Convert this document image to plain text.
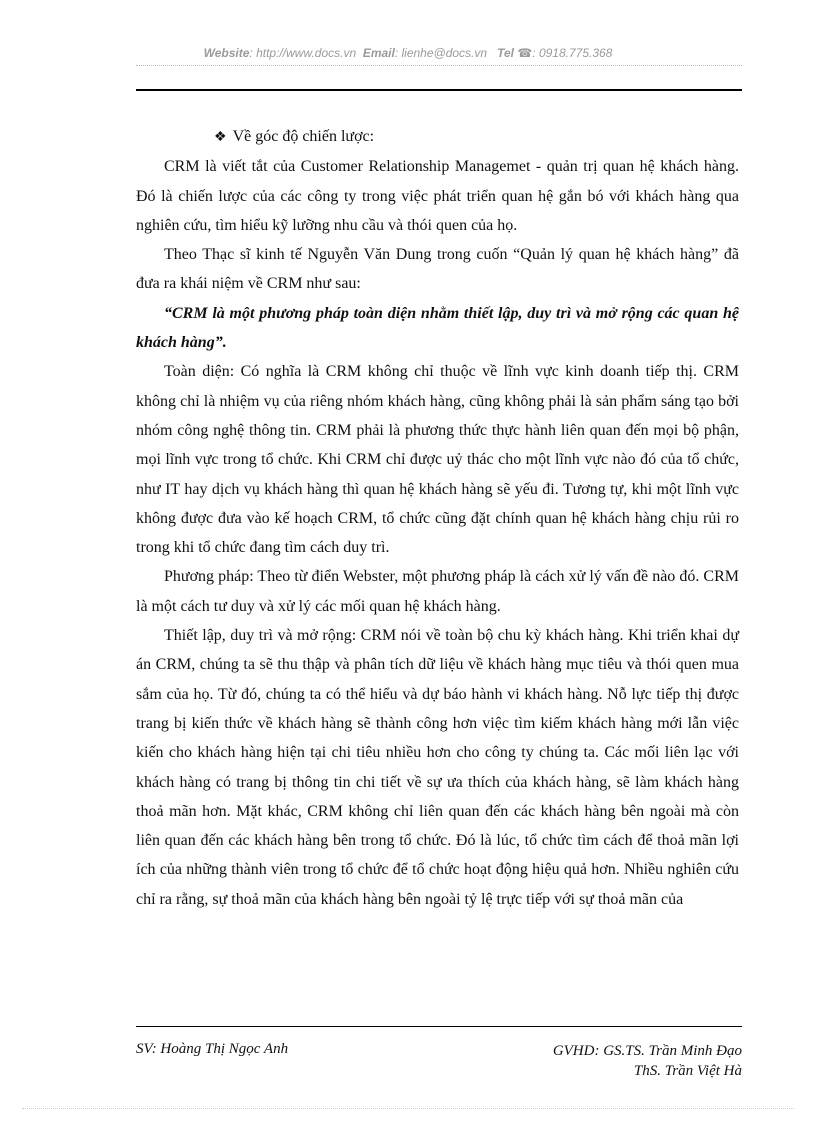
Website: http://www.docs.vn Email: lienhe@docs.vn Tel ☎: 0918.775.368

❖ Về góc độ chiến lược:

CRM là viết tắt của Customer Relationship Managemet - quản trị quan hệ khách hàng. Đó là chiến lược của các công ty trong việc phát triển quan hệ gắn bó với khách hàng qua nghiên cứu, tìm hiểu kỹ lưỡng nhu cầu và thói quen của họ.

Theo Thạc sĩ kinh tế Nguyễn Văn Dung trong cuốn “Quản lý quan hệ khách hàng” đã đưa ra khái niệm về CRM như sau:

“CRM là một phương pháp toàn diện nhằm thiết lập, duy trì và mở rộng các quan hệ khách hàng”.

Toàn diện: Có nghĩa là CRM không chỉ thuộc về lĩnh vực kinh doanh tiếp thị. CRM không chỉ là nhiệm vụ của riêng nhóm khách hàng, cũng không phải là sản phẩm sáng tạo bởi nhóm công nghệ thông tin. CRM phải là phương thức thực hành liên quan đến mọi bộ phận, mọi lĩnh vực trong tổ chức. Khi CRM chỉ được uỷ thác cho một lĩnh vực nào đó của tổ chức, như IT hay dịch vụ khách hàng thì quan hệ khách hàng sẽ yếu đi. Tương tự, khi một lĩnh vực không được đưa vào kế hoạch CRM, tổ chức cũng đặt chính quan hệ khách hàng chịu rủi ro trong khi tổ chức đang tìm cách duy trì.

Phương pháp: Theo từ điển Webster, một phương pháp là cách xử lý vấn đề nào đó. CRM là một cách tư duy và xử lý các mối quan hệ khách hàng.

Thiết lập, duy trì và mở rộng: CRM nói về toàn bộ chu kỳ khách hàng. Khi triển khai dự án CRM, chúng ta sẽ thu thập và phân tích dữ liệu về khách hàng mục tiêu và thói quen mua sắm của họ. Từ đó, chúng ta có thể hiểu và dự báo hành vi khách hàng. Nỗ lực tiếp thị được trang bị kiến thức về khách hàng sẽ thành công hơn việc tìm kiếm khách hàng mới lẫn việc kiến cho khách hàng hiện tại chi tiêu nhiều hơn cho công ty chúng ta. Các mối liên lạc với khách hàng có trang bị thông tin chi tiết về sự ưa thích của khách hàng, sẽ làm khách hàng thoả mãn hơn. Mặt khác, CRM không chỉ liên quan đến các khách hàng bên ngoài mà còn liên quan đến các khách hàng bên trong tổ chức. Đó là lúc, tổ chức tìm cách để thoả mãn lợi ích của những thành viên trong tổ chức để tổ chức hoạt động hiệu quả hơn. Nhiều nghiên cứu chỉ ra rằng, sự thoả mãn của khách hàng bên ngoài tỷ lệ trực tiếp với sự thoả mãn của

SV: Hoàng Thị Ngọc Anh	GVHD: GS.TS. Trần Minh Đạo
ThS. Trần Việt Hà
